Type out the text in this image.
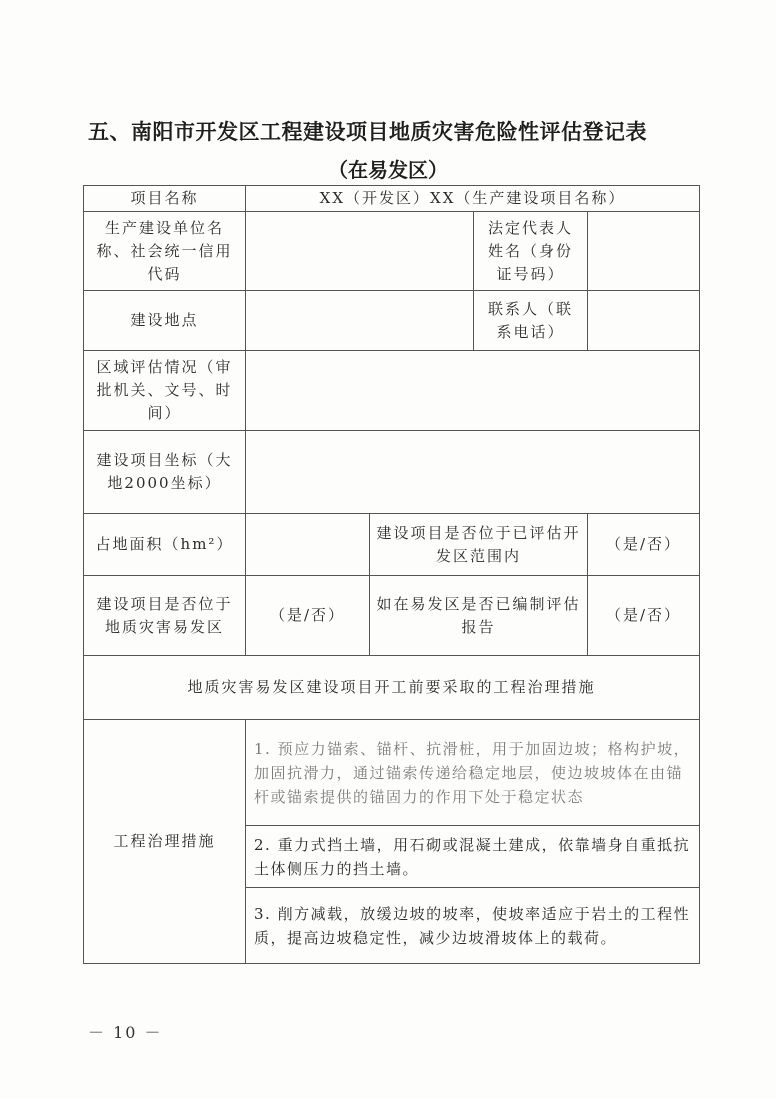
五、南阳市开发区工程建设项目地质灾害危险性评估登记表
（在易发区）
项目名称	XX（开发区）XX（生产建设项目名称）			
生产建设单位名称、社会统一信用代码			法定代表人姓名（身份证号码）	
建设地点			联系人（联系电话）	
区域评估情况（审批机关、文号、时间）				
建设项目坐标（大地2000坐标）				
占地面积（hm²）		建设项目是否位于已评估开发区范围内		（是/否）
建设项目是否位于地质灾害易发区	（是/否）	如在易发区是否已编制评估报告		（是/否）
地质灾害易发区建设项目开工前要采取的工程治理措施				
工程治理措施	1. 预应力锚索、锚杆、抗滑桩，用于加固边坡；格构护坡，加固抗滑力，通过锚索传递给稳定地层，使边坡坡体在由锚杆或锚索提供的锚固力的作用下处于稳定状态			
	2. 重力式挡土墙，用石砌或混凝土建成，依靠墙身自重抵抗土体侧压力的挡土墙。			
	3. 削方减载，放缓边坡的坡率，使坡率适应于岩土的工程性质，提高边坡稳定性，减少边坡滑坡体上的载荷。			
－ 10 －
